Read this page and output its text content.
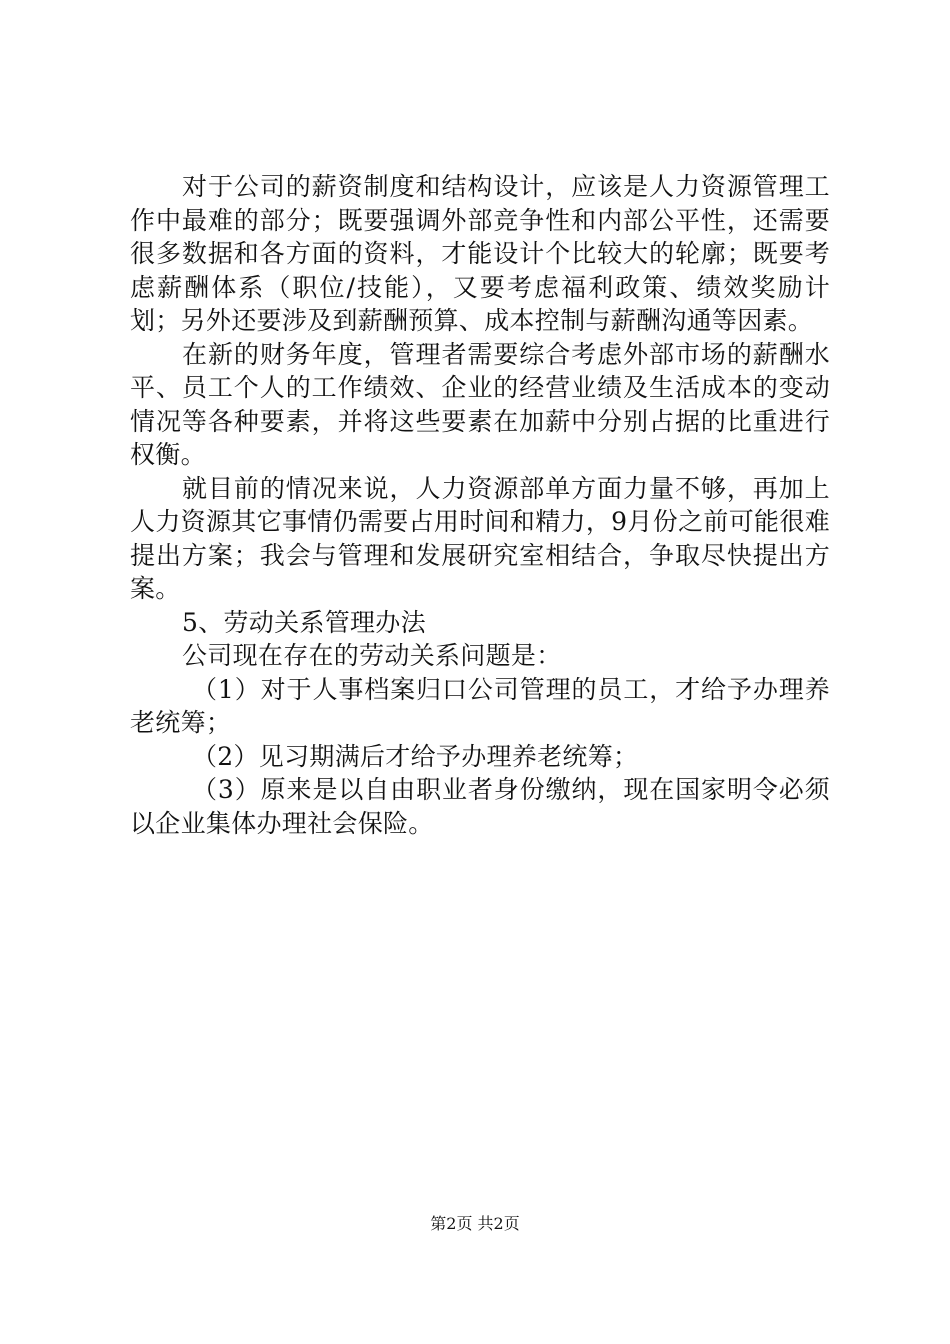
对于公司的薪资制度和结构设计，应该是人力资源管理工作中最难的部分；既要强调外部竞争性和内部公平性，还需要很多数据和各方面的资料，才能设计个比较大的轮廓；既要考虑薪酬体系（职位/技能），又要考虑福利政策、绩效奖励计划；另外还要涉及到薪酬预算、成本控制与薪酬沟通等因素。

在新的财务年度，管理者需要综合考虑外部市场的薪酬水平、员工个人的工作绩效、企业的经营业绩及生活成本的变动情况等各种要素，并将这些要素在加薪中分别占据的比重进行权衡。

就目前的情况来说，人力资源部单方面力量不够，再加上人力资源其它事情仍需要占用时间和精力，9月份之前可能很难提出方案；我会与管理和发展研究室相结合，争取尽快提出方案。

5、劳动关系管理办法

公司现在存在的劳动关系问题是：

（1）对于人事档案归口公司管理的员工，才给予办理养老统筹；

（2）见习期满后才给予办理养老统筹；

（3）原来是以自由职业者身份缴纳，现在国家明令必须以企业集体办理社会保险。

第2页 共2页
